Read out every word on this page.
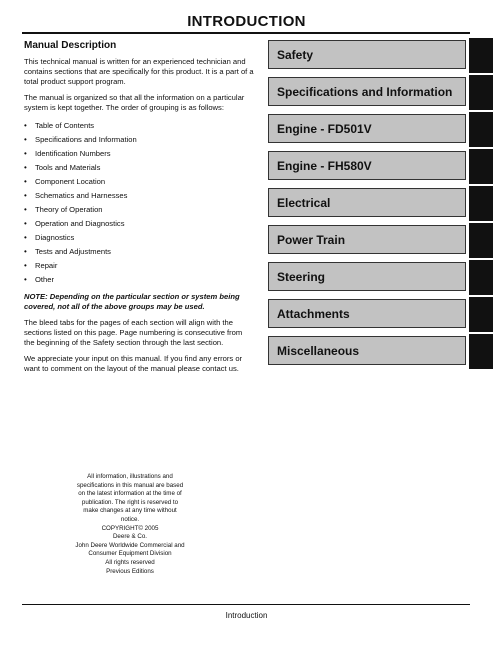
INTRODUCTION
Manual Description

This technical manual is written for an experienced technician and contains sections that are specifically for this product. It is a part of a total product support program.

The manual is organized so that all the information on a particular system is kept together. The order of grouping is as follows:

• Table of Contents
• Specifications and Information
• Identification Numbers
• Tools and Materials
• Component Location
• Schematics and Harnesses
• Theory of Operation
• Operation and Diagnostics
• Diagnostics
• Tests and Adjustments
• Repair
• Other

NOTE: Depending on the particular section or system being covered, not all of the above groups may be used.

The bleed tabs for the pages of each section will align with the sections listed on this page. Page numbering is consecutive from the beginning of the Safety section through the last section.

We appreciate your input on this manual. If you find any errors or want to comment on the layout of the manual please contact us.

All information, illustrations and
specifications in this manual are based
on the latest information at the time of
publication. The right is reserved to
make changes at any time without
notice.
COPYRIGHT© 2005
Deere & Co.
John Deere Worldwide Commercial and
Consumer Equipment Division
All rights reserved
Previous Editions
Safety
Specifications and Information
Engine - FD501V
Engine - FH580V
Electrical
Power Train
Steering
Attachments
Miscellaneous
Introduction
